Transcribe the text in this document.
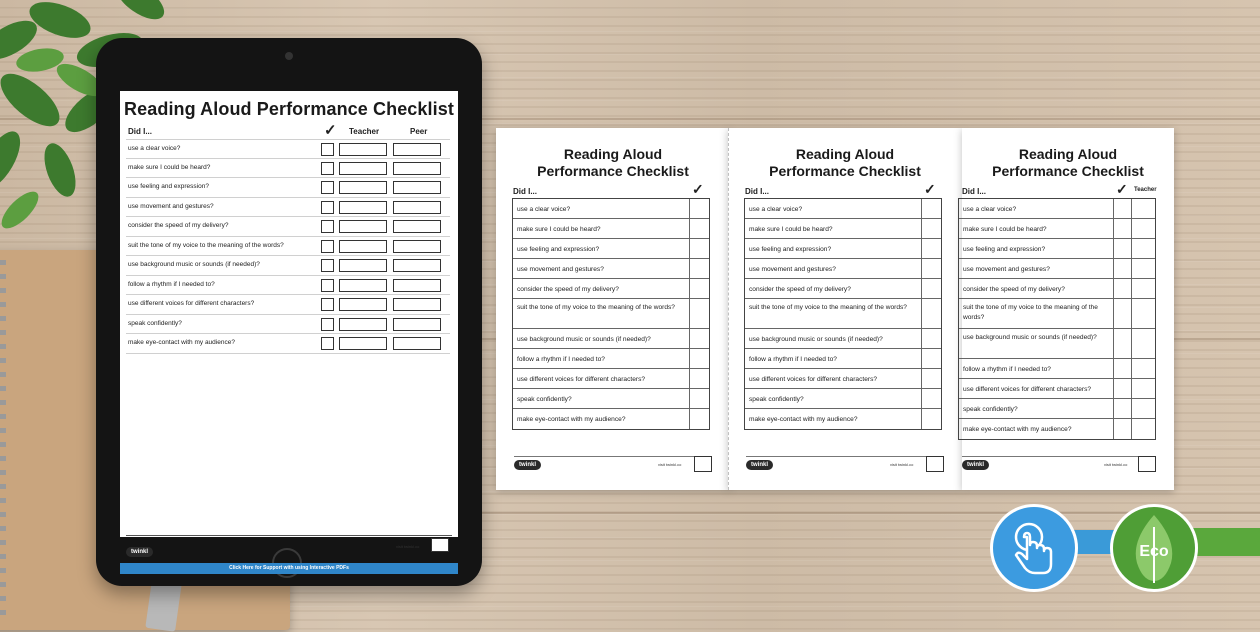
Reading Aloud Performance Checklist
Did I...	✓ Teacher	Peer
use a clear voice?
make sure I could be heard?
use feeling and expression?
use movement and gestures?
consider the speed of my delivery?
suit the tone of my voice to the meaning of the words?
use background music or sounds (if needed)?
follow a rhythm if I needed to?
use different voices for different characters?
speak confidently?
make eye-contact with my audience?
twinkl
visit twinkl.co
Click Here for Support with using Interactive PDFs
Reading Aloud
Performance Checklist
Did I...	✓
use a clear voice?
make sure I could be heard?
use feeling and expression?
use movement and gestures?
consider the speed of my delivery?
suit the tone of my voice to the meaning of the words?
use background music or sounds (if needed)?
follow a rhythm if I needed to?
use different voices for different characters?
speak confidently?
make eye-contact with my audience?
twinkl	visit twinkl.co
Reading Aloud
Performance Checklist
Did I...	✓
use a clear voice?
make sure I could be heard?
use feeling and expression?
use movement and gestures?
consider the speed of my delivery?
suit the tone of my voice to the meaning of the words?
use background music or sounds (if needed)?
follow a rhythm if I needed to?
use different voices for different characters?
speak confidently?
make eye-contact with my audience?
twinkl	visit twinkl.co
Reading Aloud
Performance Checklist
Did I...	✓ Teacher
use a clear voice?
make sure I could be heard?
use feeling and expression?
use movement and gestures?
consider the speed of my delivery?
suit the tone of my voice to the meaning of the words?
use background music or sounds (if needed)?
follow a rhythm if I needed to?
use different voices for different characters?
speak confidently?
make eye-contact with my audience?
twinkl	visit twinkl.co
Eco
